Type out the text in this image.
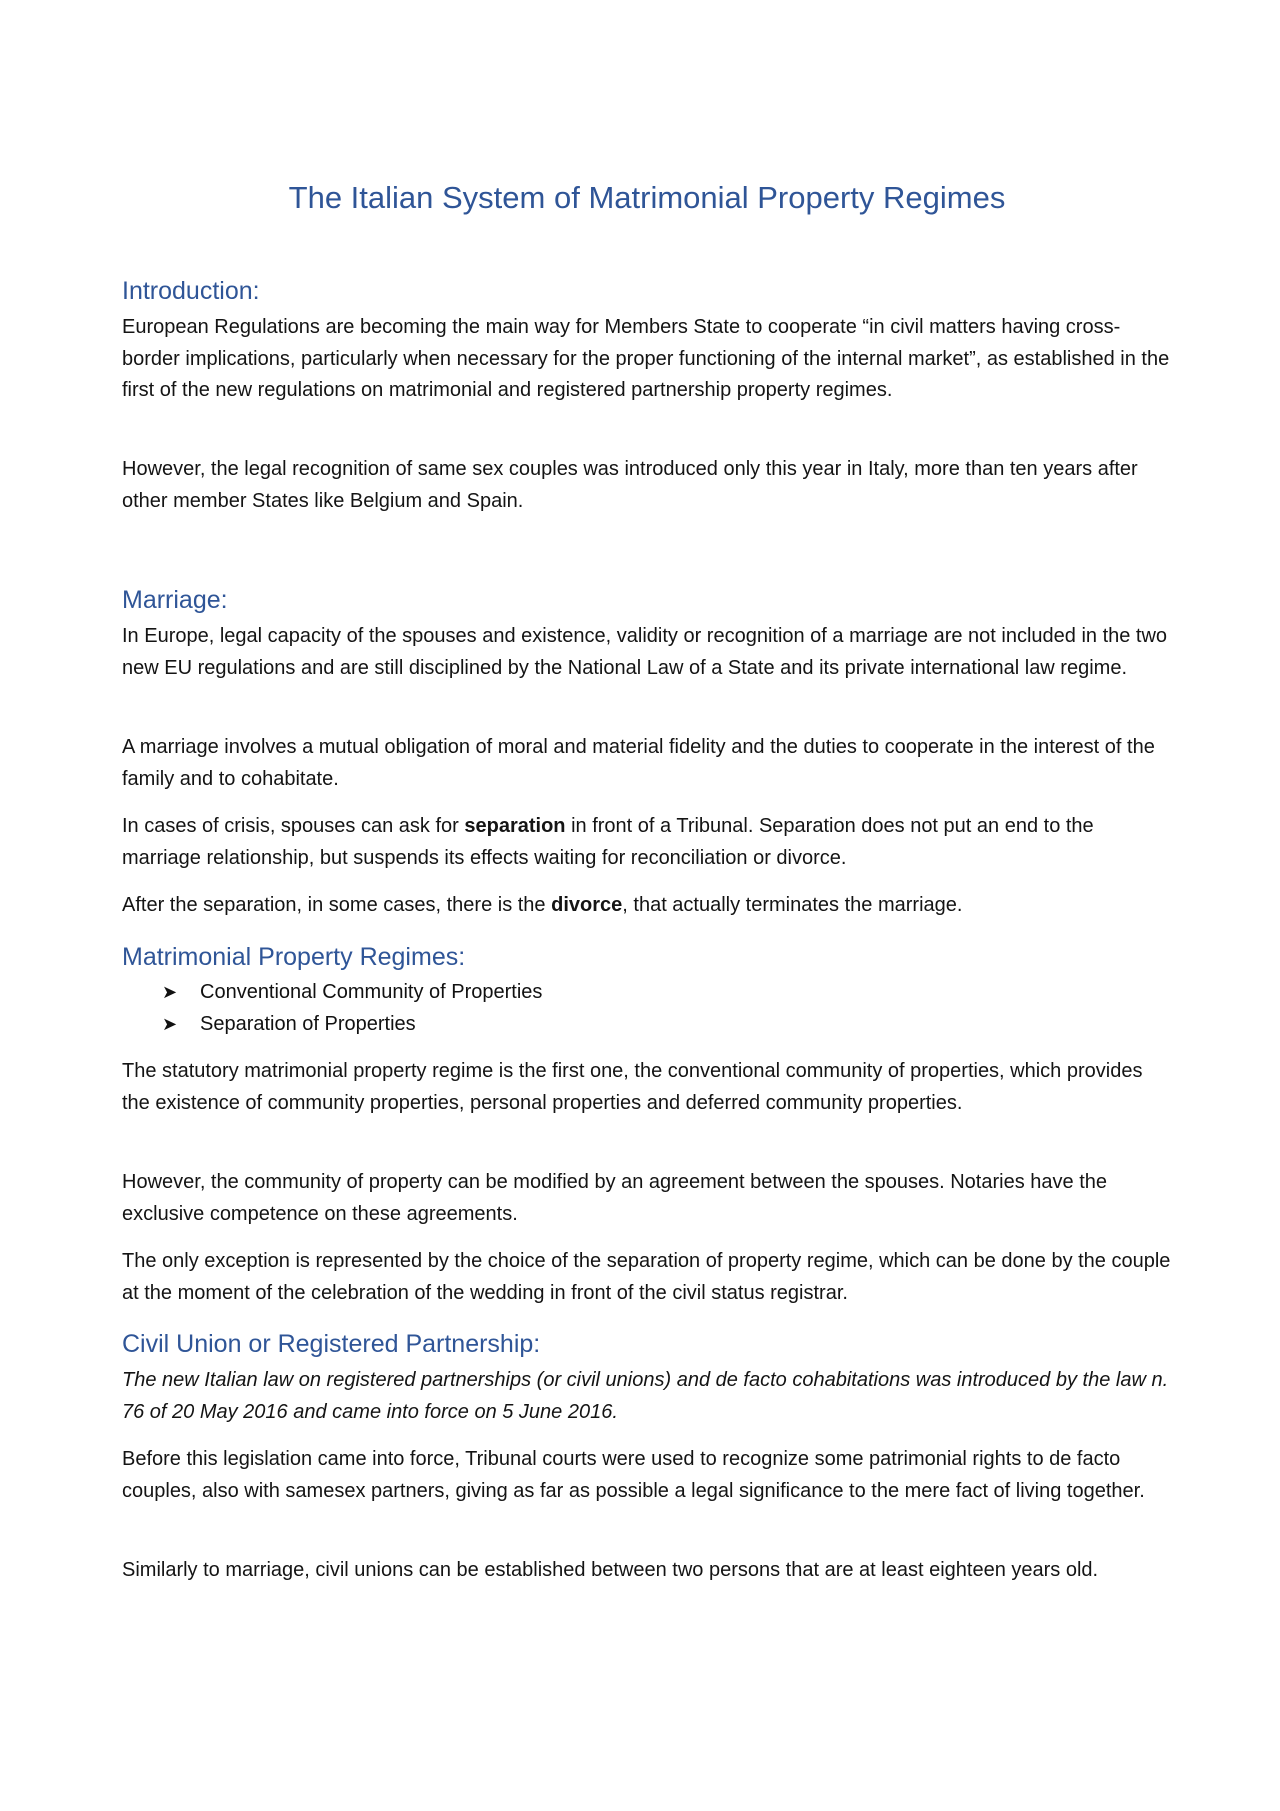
The Italian System of Matrimonial Property Regimes
Introduction:

European Regulations are becoming the main way for Members State to cooperate “in civil matters having cross-border implications, particularly when necessary for the proper functioning of the internal market”, as established in the first of the new regulations on matrimonial and registered partnership property regimes.

However, the legal recognition of same sex couples was introduced only this year in Italy, more than ten years after other member States like Belgium and Spain.

Marriage:

In Europe, legal capacity of the spouses and existence, validity or recognition of a marriage are not included in the two new EU regulations and are still disciplined by the National Law of a State and its private international law regime.

A marriage involves a mutual obligation of moral and material fidelity and the duties to cooperate in the interest of the family and to cohabitate.

In cases of crisis, spouses can ask for separation in front of a Tribunal. Separation does not put an end to the marriage relationship, but suspends its effects waiting for reconciliation or divorce.

After the separation, in some cases, there is the divorce, that actually terminates the marriage.

Matrimonial Property Regimes:
➤	Conventional Community of Properties
➤	Separation of Properties

The statutory matrimonial property regime is the first one, the conventional community of properties, which provides the existence of community properties, personal properties and deferred community properties.

However, the community of property can be modified by an agreement between the spouses. Notaries have the exclusive competence on these agreements.

The only exception is represented by the choice of the separation of property regime, which can be done by the couple at the moment of the celebration of the wedding in front of the civil status registrar.

Civil Union or Registered Partnership:

The new Italian law on registered partnerships (or civil unions) and de facto cohabitations was introduced by the law n. 76 of 20 May 2016 and came into force on 5 June 2016.

Before this legislation came into force, Tribunal courts were used to recognize some patrimonial rights to de facto couples, also with samesex partners, giving as far as possible a legal significance to the mere fact of living together.

Similarly to marriage, civil unions can be established between two persons that are at least eighteen years old.
